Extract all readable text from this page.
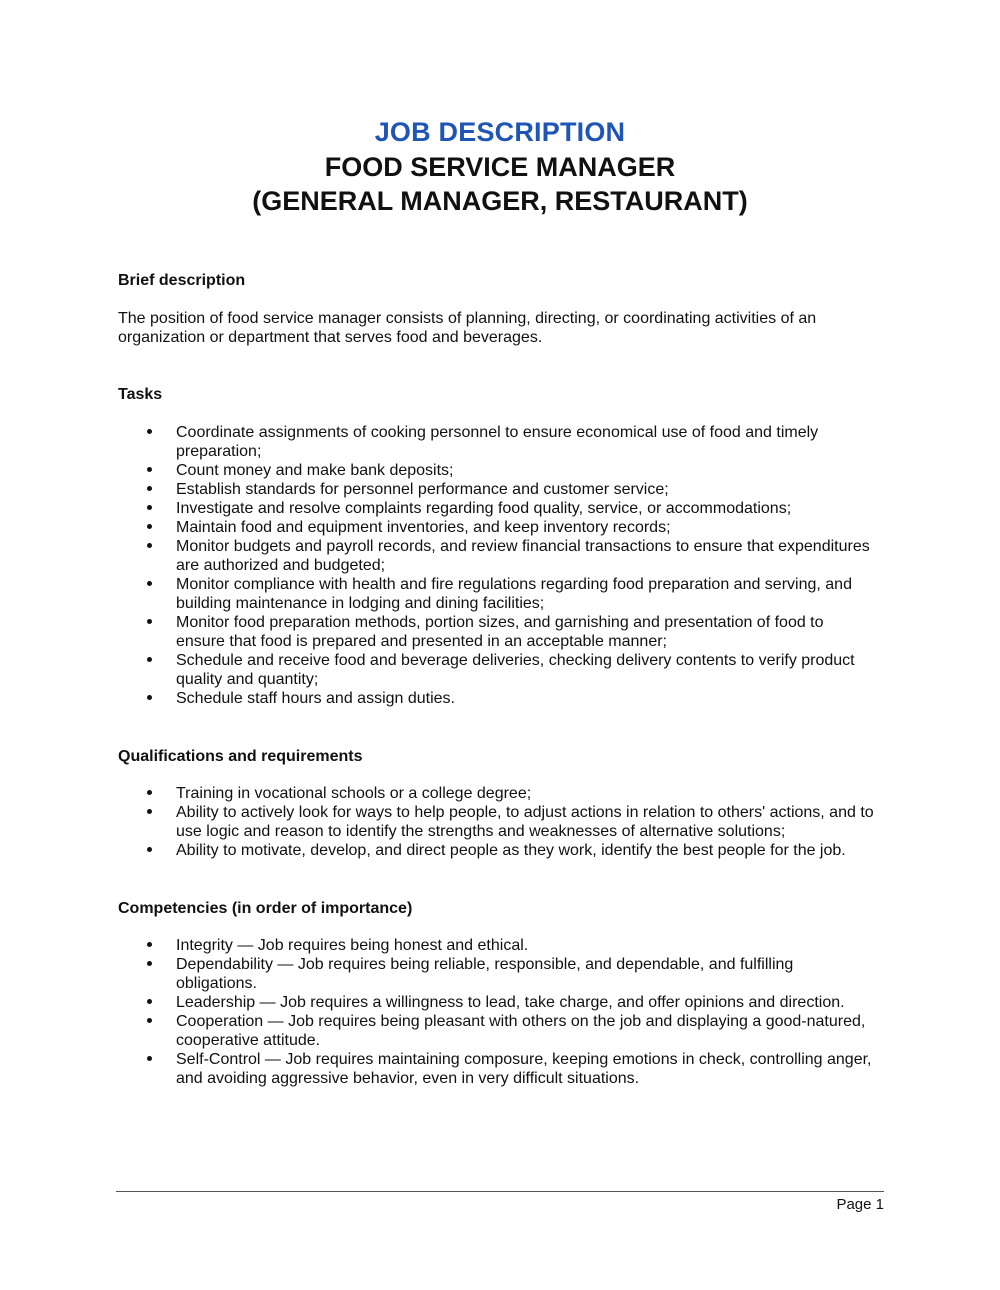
JOB DESCRIPTION
FOOD SERVICE MANAGER
(GENERAL MANAGER, RESTAURANT)
Brief description
The position of food service manager consists of planning, directing, or coordinating activities of an organization or department that serves food and beverages.
Tasks
Coordinate assignments of cooking personnel to ensure economical use of food and timely preparation;
Count money and make bank deposits;
Establish standards for personnel performance and customer service;
Investigate and resolve complaints regarding food quality, service, or accommodations;
Maintain food and equipment inventories, and keep inventory records;
Monitor budgets and payroll records, and review financial transactions to ensure that expenditures are authorized and budgeted;
Monitor compliance with health and fire regulations regarding food preparation and serving, and building maintenance in lodging and dining facilities;
Monitor food preparation methods, portion sizes, and garnishing and presentation of food to ensure that food is prepared and presented in an acceptable manner;
Schedule and receive food and beverage deliveries, checking delivery contents to verify product quality and quantity;
Schedule staff hours and assign duties.
Qualifications and requirements
Training in vocational schools or a college degree;
Ability to actively look for ways to help people, to adjust actions in relation to others' actions, and to use logic and reason to identify the strengths and weaknesses of alternative solutions;
Ability to motivate, develop, and direct people as they work, identify the best people for the job.
Competencies (in order of importance)
Integrity — Job requires being honest and ethical.
Dependability — Job requires being reliable, responsible, and dependable, and fulfilling obligations.
Leadership — Job requires a willingness to lead, take charge, and offer opinions and direction.
Cooperation — Job requires being pleasant with others on the job and displaying a good-natured, cooperative attitude.
Self-Control — Job requires maintaining composure, keeping emotions in check, controlling anger, and avoiding aggressive behavior, even in very difficult situations.
Page 1
